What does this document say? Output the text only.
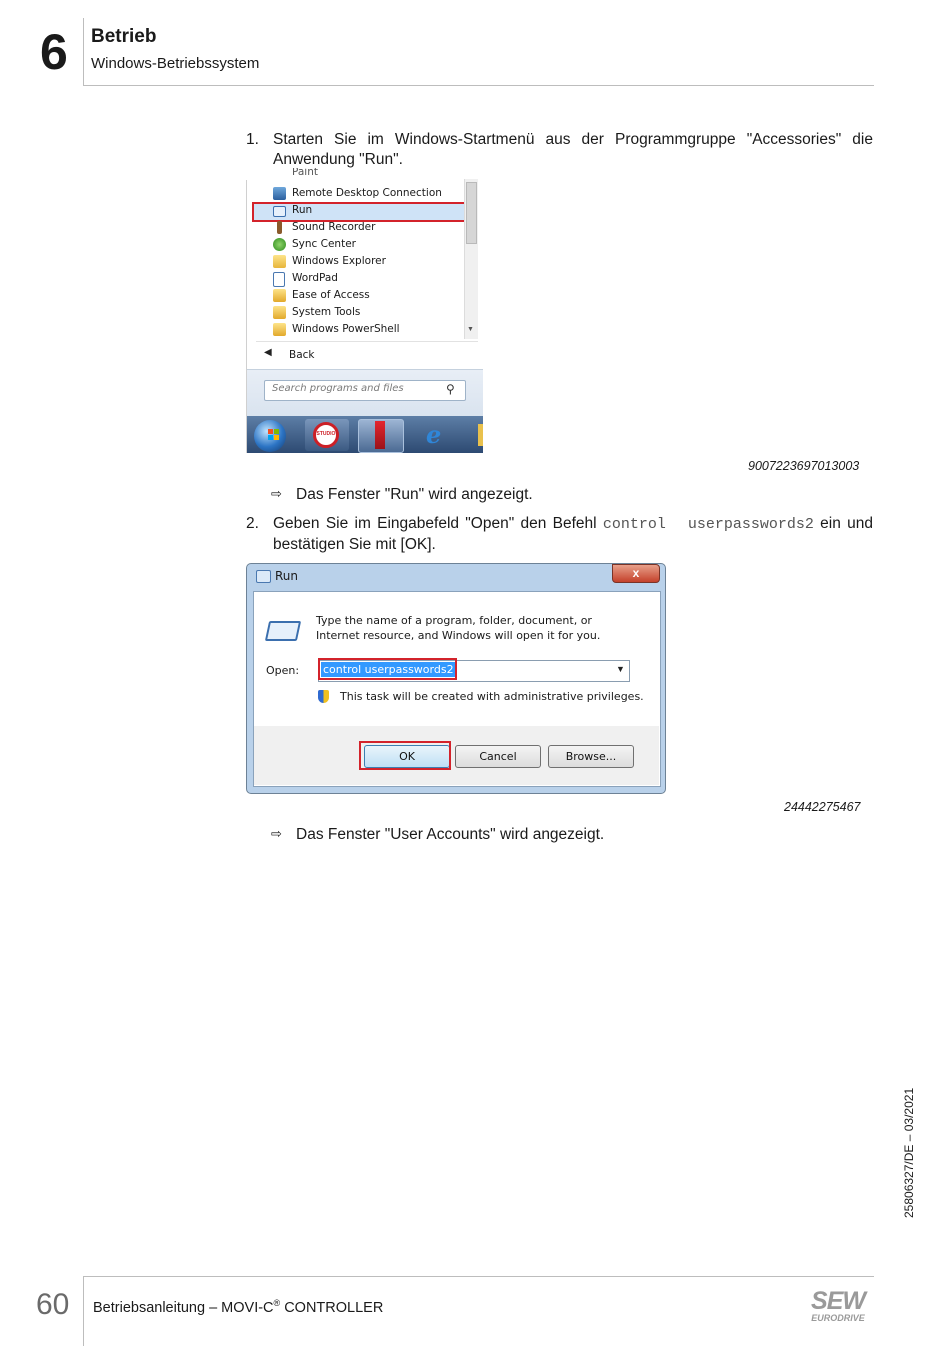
6 Betrieb
Windows-Betriebssystem
1. Starten Sie im Windows-Startmenü aus der Programmgruppe "Accessories" die Anwendung "Run".
Paint
Remote Desktop Connection
Run
Sound Recorder
Sync Center
Windows Explorer
WordPad
Ease of Access
System Tools
Windows PowerShell	▼
◀ Back
Search programs and files	⚲
STUDIO	e
9007223697013003
⇨ Das Fenster "Run" wird angezeigt.
2. Geben Sie im Eingabefeld "Open" den Befehl control  userpasswords2 ein und bestätigen Sie mit [OK].
Run	x
Type the name of a program, folder, document, or Internet resource, and Windows will open it for you.
Open: control userpasswords2	▼
This task will be created with administrative privileges.
OK	Cancel	Browse...
24442275467
⇨ Das Fenster "User Accounts" wird angezeigt.
25806327/DE – 03/2021
60 Betriebsanleitung – MOVI-C® CONTROLLER	SEW
EURODRIVE
